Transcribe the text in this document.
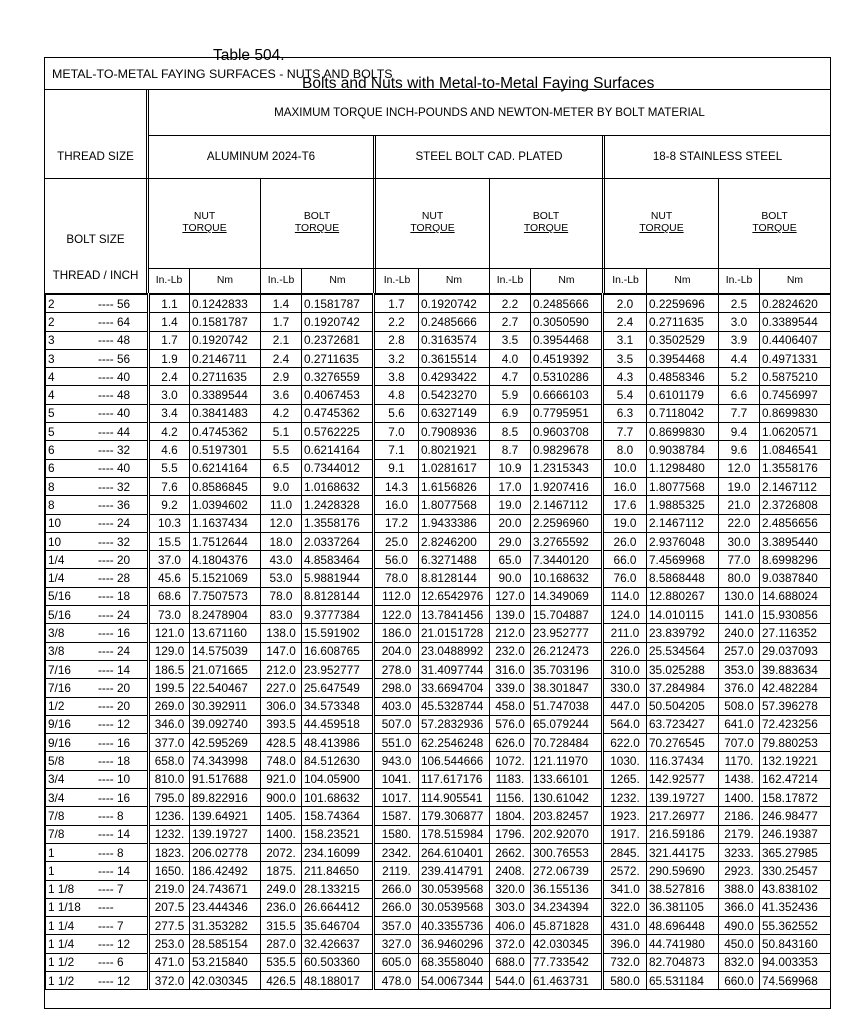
Table 504.

Bolts and Nuts with Metal-to-Metal Faying Surfaces

METAL-TO-METAL FAYING SURFACES - NUTS AND BOLTS
MAXIMUM TORQUE INCH-POUNDS AND NEWTON-METER BY BOLT MATERIAL
THREAD SIZE	ALUMINUM 2024-T6	STEEL BOLT CAD. PLATED	18-8 STAINLESS STEEL
BOLT SIZE
THREAD / INCH
NUT
TORQUE
BOLT
TORQUE
NUT
TORQUE
BOLT
TORQUE
NUT
TORQUE
BOLT
TORQUE
In.-Lb	Nm	In.-Lb	Nm	In.-Lb	Nm	In.-Lb	Nm	In.-Lb	Nm	In.-Lb	Nm
2 ---- 56	1.1	0.1242833	1.4	0.1581787	1.7	0.1920742	2.2	0.2485666	2.0	0.2259696	2.5	0.2824620
2 ---- 64	1.4	0.1581787	1.7	0.1920742	2.2	0.2485666	2.7	0.3050590	2.4	0.2711635	3.0	0.3389544
3 ---- 48	1.7	0.1920742	2.1	0.2372681	2.8	0.3163574	3.5	0.3954468	3.1	0.3502529	3.9	0.4406407
3 ---- 56	1.9	0.2146711	2.4	0.2711635	3.2	0.3615514	4.0	0.4519392	3.5	0.3954468	4.4	0.4971331
4 ---- 40	2.4	0.2711635	2.9	0.3276559	3.8	0.4293422	4.7	0.5310286	4.3	0.4858346	5.2	0.5875210
4 ---- 48	3.0	0.3389544	3.6	0.4067453	4.8	0.5423270	5.9	0.6666103	5.4	0.6101179	6.6	0.7456997
5 ---- 40	3.4	0.3841483	4.2	0.4745362	5.6	0.6327149	6.9	0.7795951	6.3	0.7118042	7.7	0.8699830
5 ---- 44	4.2	0.4745362	5.1	0.5762225	7.0	0.7908936	8.5	0.9603708	7.7	0.8699830	9.4	1.0620571
6 ---- 32	4.6	0.5197301	5.5	0.6214164	7.1	0.8021921	8.7	0.9829678	8.0	0.9038784	9.6	1.0846541
6 ---- 40	5.5	0.6214164	6.5	0.7344012	9.1	1.0281617	10.9	1.2315343	10.0	1.1298480	12.0	1.3558176
8 ---- 32	7.6	0.8586845	9.0	1.0168632	14.3	1.6156826	17.0	1.9207416	16.0	1.8077568	19.0	2.1467112
8 ---- 36	9.2	1.0394602	11.0	1.2428328	16.0	1.8077568	19.0	2.1467112	17.6	1.9885325	21.0	2.3726808
10 ---- 24	10.3	1.1637434	12.0	1.3558176	17.2	1.9433386	20.0	2.2596960	19.0	2.1467112	22.0	2.4856656
10 ---- 32	15.5	1.7512644	18.0	2.0337264	25.0	2.8246200	29.0	3.2765592	26.0	2.9376048	30.0	3.3895440
1/4 ---- 20	37.0	4.1804376	43.0	4.8583464	56.0	6.3271488	65.0	7.3440120	66.0	7.4569968	77.0	8.6998296
1/4 ---- 28	45.6	5.1521069	53.0	5.9881944	78.0	8.8128144	90.0	10.168632	76.0	8.5868448	80.0	9.0387840
5/16 ---- 18	68.6	7.7507573	78.0	8.8128144	112.0	12.6542976	127.0	14.349069	114.0	12.880267	130.0	14.688024
5/16 ---- 24	73.0	8.2478904	83.0	9.3777384	122.0	13.7841456	139.0	15.704887	124.0	14.010115	141.0	15.930856
3/8 ---- 16	121.0	13.671160	138.0	15.591902	186.0	21.0151728	212.0	23.952777	211.0	23.839792	240.0	27.116352
3/8 ---- 24	129.0	14.575039	147.0	16.608765	204.0	23.0488992	232.0	26.212473	226.0	25.534564	257.0	29.037093
7/16 ---- 14	186.5	21.071665	212.0	23.952777	278.0	31.4097744	316.0	35.703196	310.0	35.025288	353.0	39.883634
7/16 ---- 20	199.5	22.540467	227.0	25.647549	298.0	33.6694704	339.0	38.301847	330.0	37.284984	376.0	42.482284
1/2 ---- 20	269.0	30.392911	306.0	34.573348	403.0	45.5328744	458.0	51.747038	447.0	50.504205	508.0	57.396278
9/16 ---- 12	346.0	39.092740	393.5	44.459518	507.0	57.2832936	576.0	65.079244	564.0	63.723427	641.0	72.423256
9/16 ---- 16	377.0	42.595269	428.5	48.413986	551.0	62.2546248	626.0	70.728484	622.0	70.276545	707.0	79.880253
5/8 ---- 18	658.0	74.343998	748.0	84.512630	943.0	106.544666	1072.	121.11970	1030.	116.37434	1170.	132.19221
3/4 ---- 10	810.0	91.517688	921.0	104.05900	1041.	117.617176	1183.	133.66101	1265.	142.92577	1438.	162.47214
3/4 ---- 16	795.0	89.822916	900.0	101.68632	1017.	114.905541	1156.	130.61042	1232.	139.19727	1400.	158.17872
7/8 ---- 8	1236.	139.64921	1405.	158.74364	1587.	179.306877	1804.	203.82457	1923.	217.26977	2186.	246.98477
7/8 ---- 14	1232.	139.19727	1400.	158.23521	1580.	178.515984	1796.	202.92070	1917.	216.59186	2179.	246.19387
1 ---- 8	1823.	206.02778	2072.	234.16099	2342.	264.610401	2662.	300.76553	2845.	321.44175	3233.	365.27985
1 ---- 14	1650.	186.42492	1875.	211.84650	2119.	239.414791	2408.	272.06739	2572.	290.59690	2923.	330.25457
1 1/8 ---- 7	219.0	24.743671	249.0	28.133215	266.0	30.0539568	320.0	36.155136	341.0	38.527816	388.0	43.838102
1 1/18 ----	207.5	23.444346	236.0	26.664412	266.0	30.0539568	303.0	34.234394	322.0	36.381105	366.0	41.352436
1 1/4 ---- 7	277.5	31.353282	315.5	35.646704	357.0	40.3355736	406.0	45.871828	431.0	48.696448	490.0	55.362552
1 1/4 ---- 12	253.0	28.585154	287.0	32.426637	327.0	36.9460296	372.0	42.030345	396.0	44.741980	450.0	50.843160
1 1/2 ---- 6	471.0	53.215840	535.5	60.503360	605.0	68.3558040	688.0	77.733542	732.0	82.704873	832.0	94.003353
1 1/2 ---- 12	372.0	42.030345	426.5	48.188017	478.0	54.0067344	544.0	61.463731	580.0	65.531184	660.0	74.569968
